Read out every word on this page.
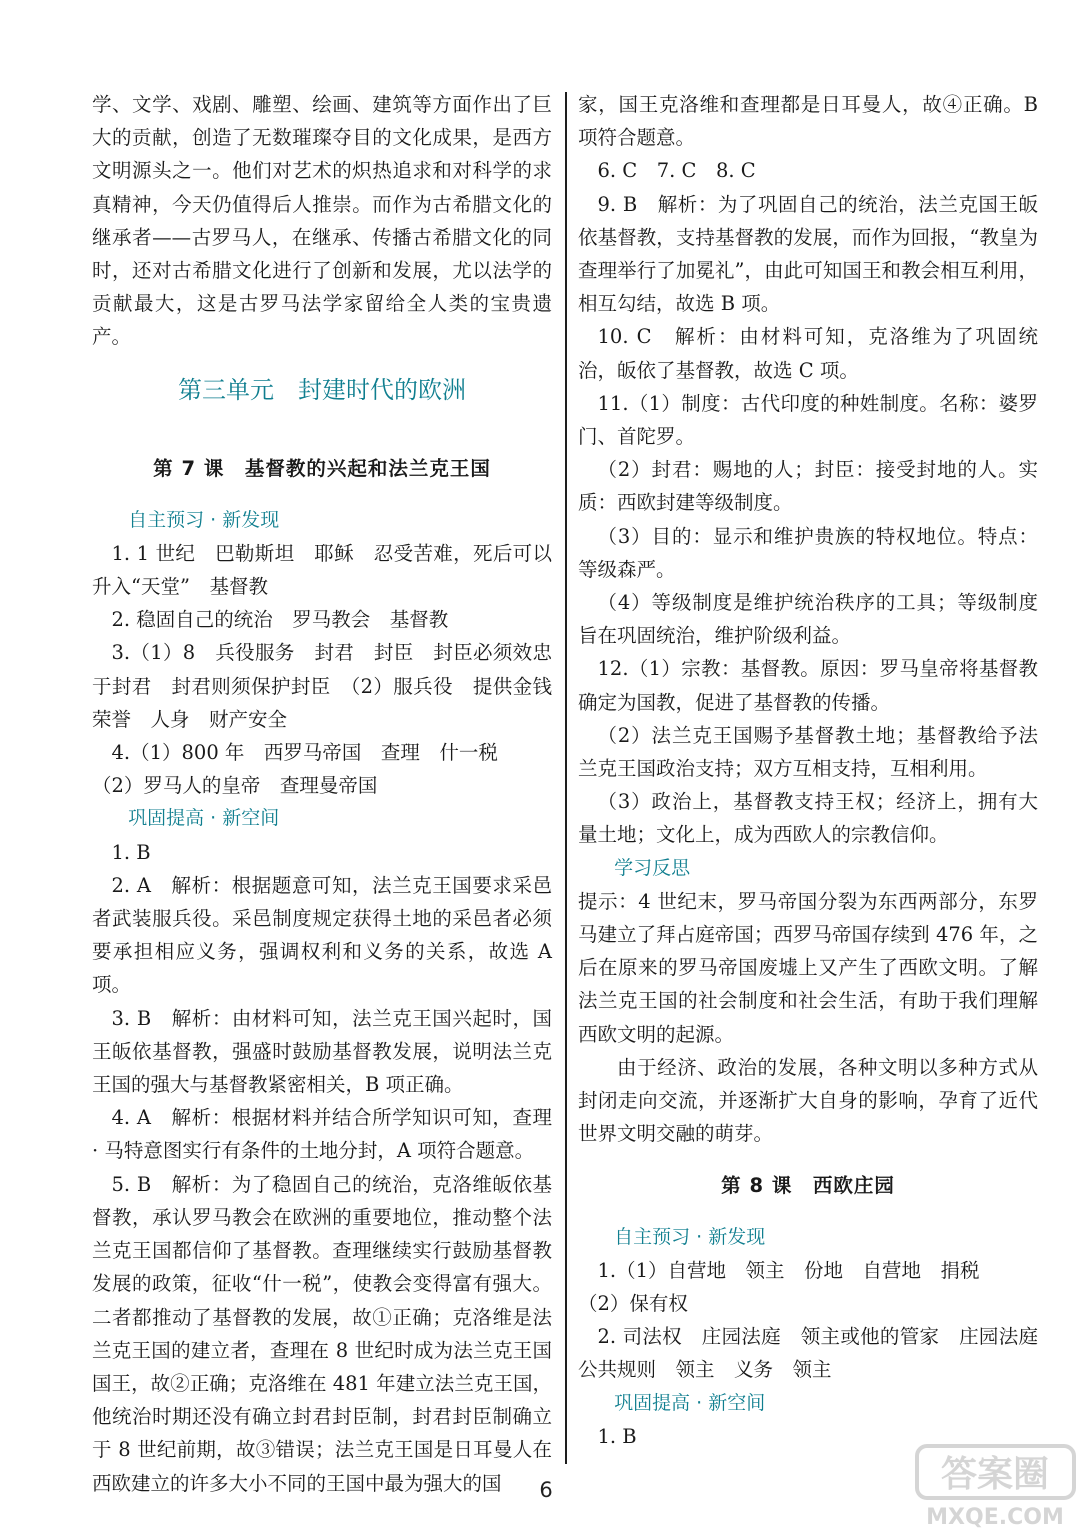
学、文学、戏剧、雕塑、绘画、建筑等方面作出了巨大的贡献，创造了无数璀璨夺目的文化成果，是西方文明源头之一。他们对艺术的炽热追求和对科学的求真精神，今天仍值得后人推崇。而作为古希腊文化的继承者——古罗马人，在继承、传播古希腊文化的同时，还对古希腊文化进行了创新和发展，尤以法学的贡献最大，这是古罗马法学家留给全人类的宝贵遗产。

第三单元　封建时代的欧洲
第 7 课　基督教的兴起和法兰克王国
自主预习 · 新发现

1. 1 世纪　巴勒斯坦　耶稣　忍受苦难，死后可以升入“天堂”　基督教

2. 稳固自己的统治　罗马教会　基督教

3.（1）8　兵役服务　封君　封臣　封臣必须效忠于封君　封君则须保护封臣　（2）服兵役　提供金钱　荣誉　人身　财产安全

4.（1）800 年　西罗马帝国　查理　什一税

（2）罗马人的皇帝　查理曼帝国

巩固提高 · 新空间

1. B

2. A　解析：根据题意可知，法兰克王国要求采邑者武装服兵役。采邑制度规定获得土地的采邑者必须要承担相应义务，强调权利和义务的关系，故选 A 项。

3. B　解析：由材料可知，法兰克王国兴起时，国王皈依基督教，强盛时鼓励基督教发展，说明法兰克王国的强大与基督教紧密相关，B 项正确。

4. A　解析：根据材料并结合所学知识可知，查理 · 马特意图实行有条件的土地分封，A 项符合题意。

5. B　解析：为了稳固自己的统治，克洛维皈依基督教，承认罗马教会在欧洲的重要地位，推动整个法兰克王国都信仰了基督教。查理继续实行鼓励基督教发展的政策，征收“什一税”，使教会变得富有强大。二者都推动了基督教的发展，故①正确；克洛维是法兰克王国的建立者，查理在 8 世纪时成为法兰克王国国王，故②正确；克洛维在 481 年建立法兰克王国，他统治时期还没有确立封君封臣制，封君封臣制确立于 8 世纪前期，故③错误；法兰克王国是日耳曼人在西欧建立的许多大小不同的王国中最为强大的国

家，国王克洛维和查理都是日耳曼人，故④正确。B 项符合题意。

6. C　7. C　8. C

9. B　解析：为了巩固自己的统治，法兰克国王皈依基督教，支持基督教的发展，而作为回报，“教皇为查理举行了加冕礼”，由此可知国王和教会相互利用，相互勾结，故选 B 项。

10. C　解析：由材料可知，克洛维为了巩固统治，皈依了基督教，故选 C 项。

11.（1）制度：古代印度的种姓制度。名称：婆罗门、首陀罗。

（2）封君：赐地的人；封臣：接受封地的人。实质：西欧封建等级制度。

（3）目的：显示和维护贵族的特权地位。特点：等级森严。

（4）等级制度是维护统治秩序的工具；等级制度旨在巩固统治，维护阶级利益。

12.（1）宗教：基督教。原因：罗马皇帝将基督教确定为国教，促进了基督教的传播。

（2）法兰克王国赐予基督教土地；基督教给予法兰克王国政治支持；双方互相支持，互相利用。

（3）政治上，基督教支持王权；经济上，拥有大量土地；文化上，成为西欧人的宗教信仰。

学习反思

提示：4 世纪末，罗马帝国分裂为东西两部分，东罗马建立了拜占庭帝国；西罗马帝国存续到 476 年，之后在原来的罗马帝国废墟上又产生了西欧文明。了解法兰克王国的社会制度和社会生活，有助于我们理解西欧文明的起源。

由于经济、政治的发展，各种文明以多种方式从封闭走向交流，并逐渐扩大自身的影响，孕育了近代世界文明交融的萌芽。

第 8 课　西欧庄园
自主预习 · 新发现

1.（1）自营地　领主　份地　自营地　捐税

（2）保有权

2. 司法权　庄园法庭　领主或他的管家　庄园法庭　公共规则　领主　义务　领主

巩固提高 · 新空间

1. B

6	答案圈
MXQE.COM
